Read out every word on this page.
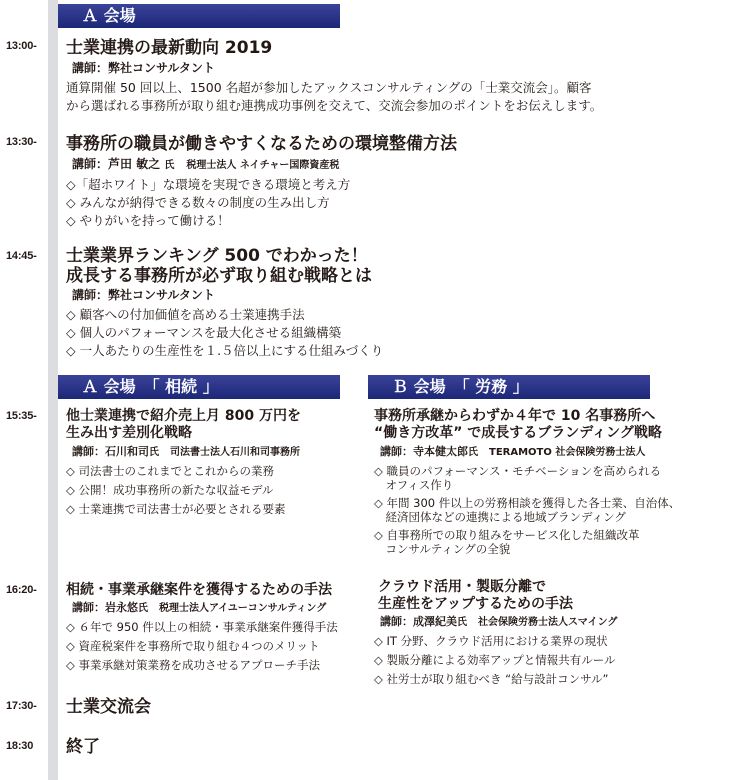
Ａ 会場
13:00-
13:30-
14:45-
15:35-
16:20-
17:30-
18:30
士業連携の最新動向 2019
講師：弊社コンサルタント
通算開催 50 回以上、1500 名超が参加したアックスコンサルティングの「士業交流会」。顧客
から選ばれる事務所が取り組む連携成功事例を交えて、交流会参加のポイントをお伝えします。
事務所の職員が働きやすくなるための環境整備方法
講師：芦田 敏之 氏　 税理士法人 ネイチャー国際資産税
◇「超ホワイト」な環境を実現できる環境と考え方
◇ みんなが納得できる数々の制度の生み出し方
◇ やりがいを持って働ける！
士業業界ランキング 500 でわかった！
成長する事務所が必ず取り組む戦略とは
講師：弊社コンサルタント
◇ 顧客への付加価値を高める士業連携手法
◇ 個人のパフォーマンスを最大化させる組織構築
◇ 一人あたりの生産性を１.５倍以上にする仕組みづくり
Ａ 会場　「 相続 」	Ｂ 会場　「 労務 」
他士業連携で紹介売上月 800 万円を
生み出す差別化戦略
講師：石川和司氏　 司法書士法人石川和司事務所
◇ 司法書士のこれまでとこれからの業務
◇ 公開！成功事務所の新たな収益モデル
◇ 士業連携で司法書士が必要とされる要素
事務所承継からわずか４年で 10 名事務所へ
“働き方改革” で成長するブランディング戦略
講師：寺本健太郎氏　 TERAMOTO 社会保険労務士法人
◇ 職員のパフォーマンス・モチベーションを高められる
　オフィス作り
◇ 年間 300 件以上の労務相談を獲得した各士業、自治体、
　経済団体などの連携による地域ブランディング
◇ 自事務所での取り組みをサービス化した組織改革
　コンサルティングの全貌
相続・事業承継案件を獲得するための手法
講師：岩永悠氏　 税理士法人アイユーコンサルティング
◇ ６年で 950 件以上の相続・事業承継案件獲得手法
◇ 資産税案件を事務所で取り組む４つのメリット
◇ 事業承継対策業務を成功させるアプローチ手法
クラウド活用・製販分離で
生産性をアップするための手法
講師：成澤紀美氏　 社会保険労務士法人スマイング
◇ IT 分野、クラウド活用における業界の現状
◇ 製販分離による効率アップと情報共有ルール
◇ 社労士が取り組むべき “給与設計コンサル”
士業交流会
終了
